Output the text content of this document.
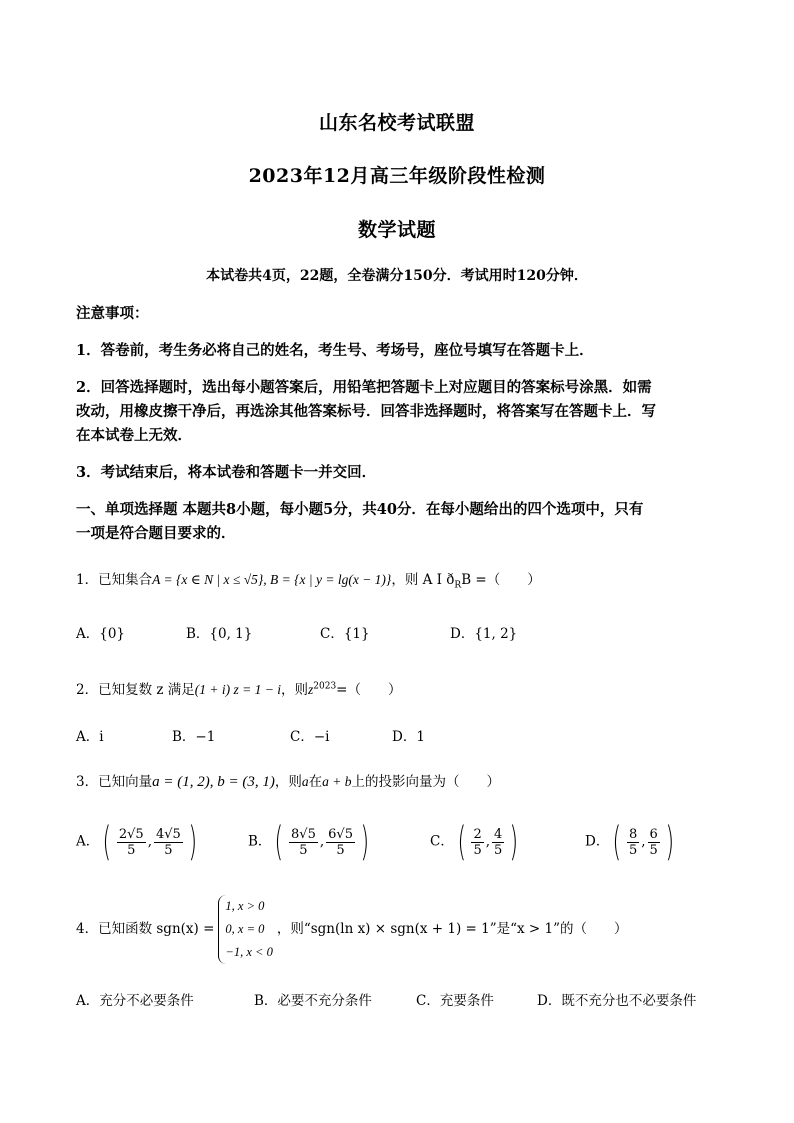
山东名校考试联盟
2023年12月高三年级阶段性检测
数学试题
本试卷共4页，22题，全卷满分150分．考试用时120分钟．
注意事项：
1．答卷前，考生务必将自己的姓名，考生号、考场号，座位号填写在答题卡上．
2．回答选择题时，选出每小题答案后，用铅笔把答题卡上对应题目的答案标号涂黑．如需
改动，用橡皮擦干净后，再选涂其他答案标号．回答非选择题时，将答案写在答题卡上．写
在本试卷上无效．
3．考试结束后，将本试卷和答题卡一并交回．
一、单项选择题 本题共8小题，每小题5分，共40分．在每小题给出的四个选项中，只有
一项是符合题目要求的．
1．已知集合A = {x ∈ N | x ≤ √5}, B = {x | y = lg(x − 1)}，则 A I $ð_RB$ =（　　）
A．{0}	B．{0, 1}	C．{1}	D．{1, 2}
2．已知复数 z 满足(1 + i) z = 1 − i，则$z^{2023}=$（　　）
A．i	B．−1	C．−i	D．1
3．已知向量a = (1, 2), b = (3, 1)，则a在a + b上的投影向量为（　　）
A．( $\frac{2√5}{5}$ , $\frac{4√5}{5}$ )	B．( $\frac{8√5}{5}$ , $\frac{6√5}{5}$ )	C．( $\frac{2}{5}$ , $\frac{4}{5}$ )	D．( $\frac{8}{5}$ , $\frac{6}{5}$ )
4．已知函数 sgn(x) =
1, x > 0
0, x = 0
−1, x < 0
，则“sgn(ln x) × sgn(x + 1) = 1”是“x > 1”的（　　）
A．充分不必要条件	B．必要不充分条件	C．充要条件	D．既不充分也不必要条件
